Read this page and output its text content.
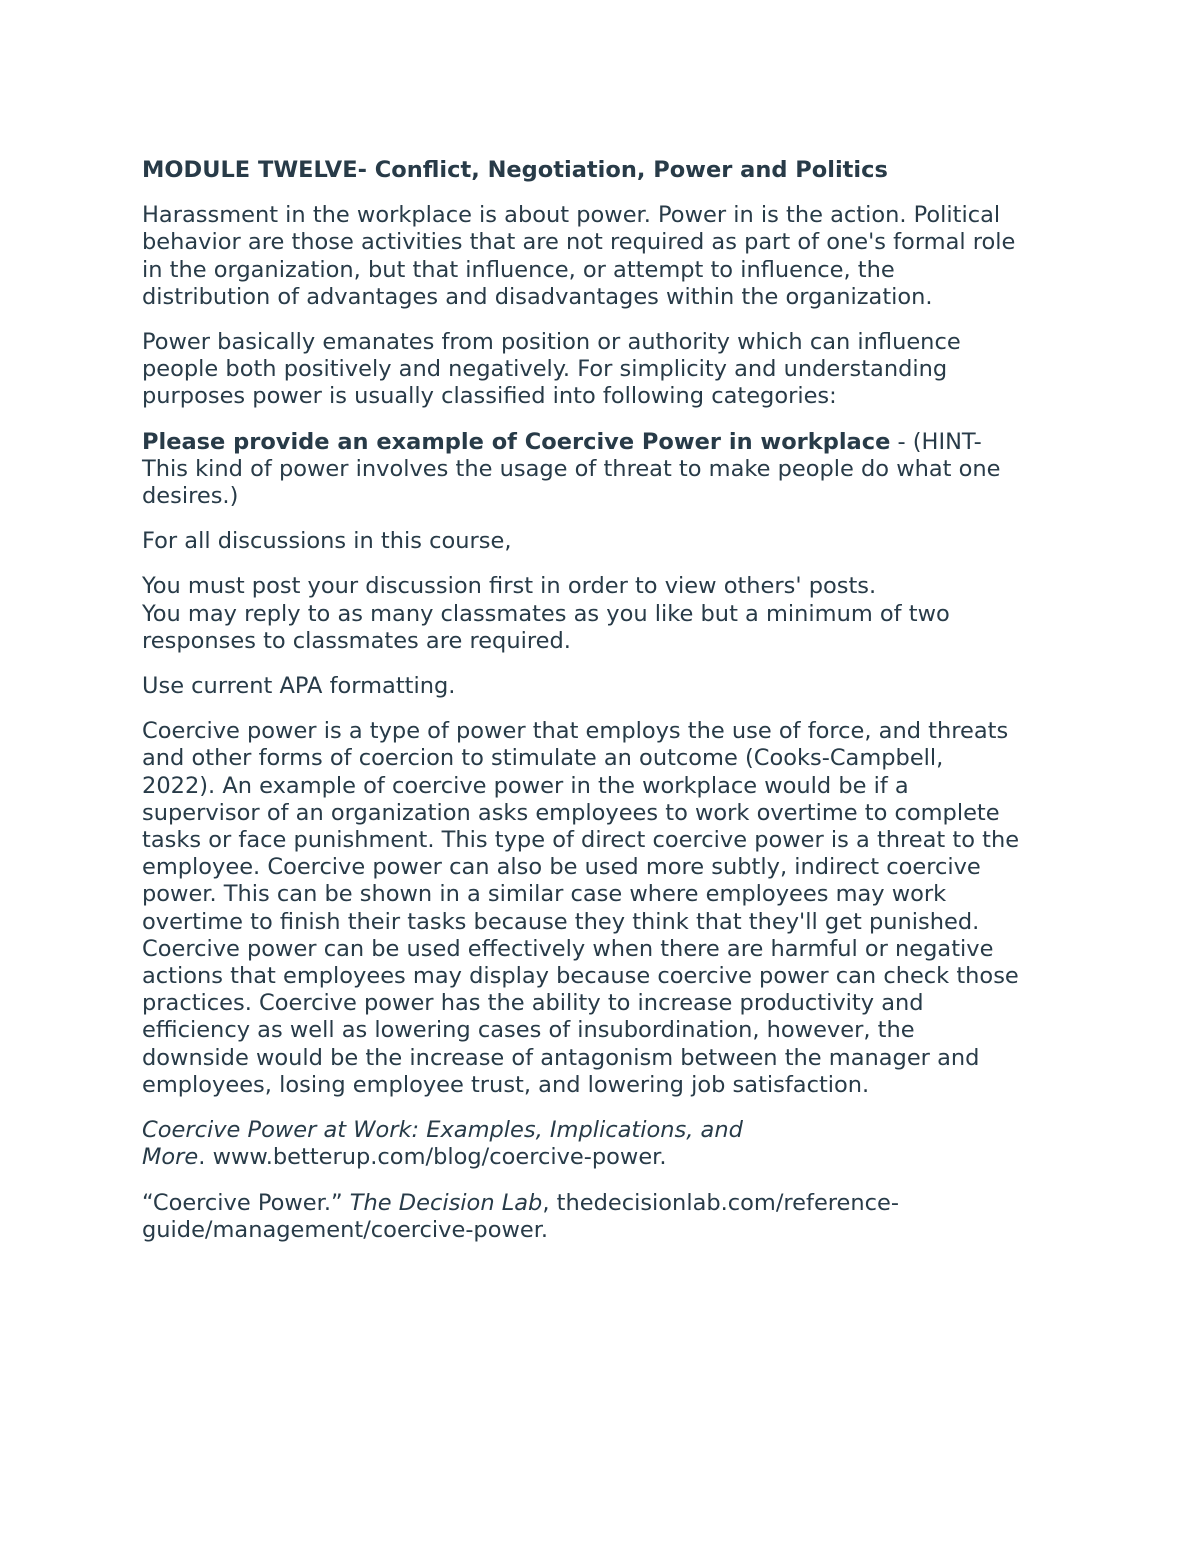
MODULE TWELVE- Conflict, Negotiation, Power and Politics

Harassment in the workplace is about power. Power in is the action. Political
behavior are those activities that are not required as part of one's formal role
in the organization, but that influence, or attempt to influence, the
distribution of advantages and disadvantages within the organization.

Power basically emanates from position or authority which can influence
people both positively and negatively. For simplicity and understanding
purposes power is usually classified into following categories:

Please provide an example of Coercive Power in workplace - (HINT-
This kind of power involves the usage of threat to make people do what one
desires.)

For all discussions in this course,

You must post your discussion first in order to view others' posts.
You may reply to as many classmates as you like but a minimum of two
responses to classmates are required.

Use current APA formatting.

Coercive power is a type of power that employs the use of force, and threats
and other forms of coercion to stimulate an outcome (Cooks-Campbell,
2022). An example of coercive power in the workplace would be if a
supervisor of an organization asks employees to work overtime to complete
tasks or face punishment. This type of direct coercive power is a threat to the
employee. Coercive power can also be used more subtly, indirect coercive
power. This can be shown in a similar case where employees may work
overtime to finish their tasks because they think that they'll get punished.
Coercive power can be used effectively when there are harmful or negative
actions that employees may display because coercive power can check those
practices. Coercive power has the ability to increase productivity and
efficiency as well as lowering cases of insubordination, however, the
downside would be the increase of antagonism between the manager and
employees, losing employee trust, and lowering job satisfaction.

Coercive Power at Work: Examples, Implications, and
More. www.betterup.com/blog/coercive-power.

“Coercive Power.” The Decision Lab, thedecisionlab.com/reference-
guide/management/coercive-power.
